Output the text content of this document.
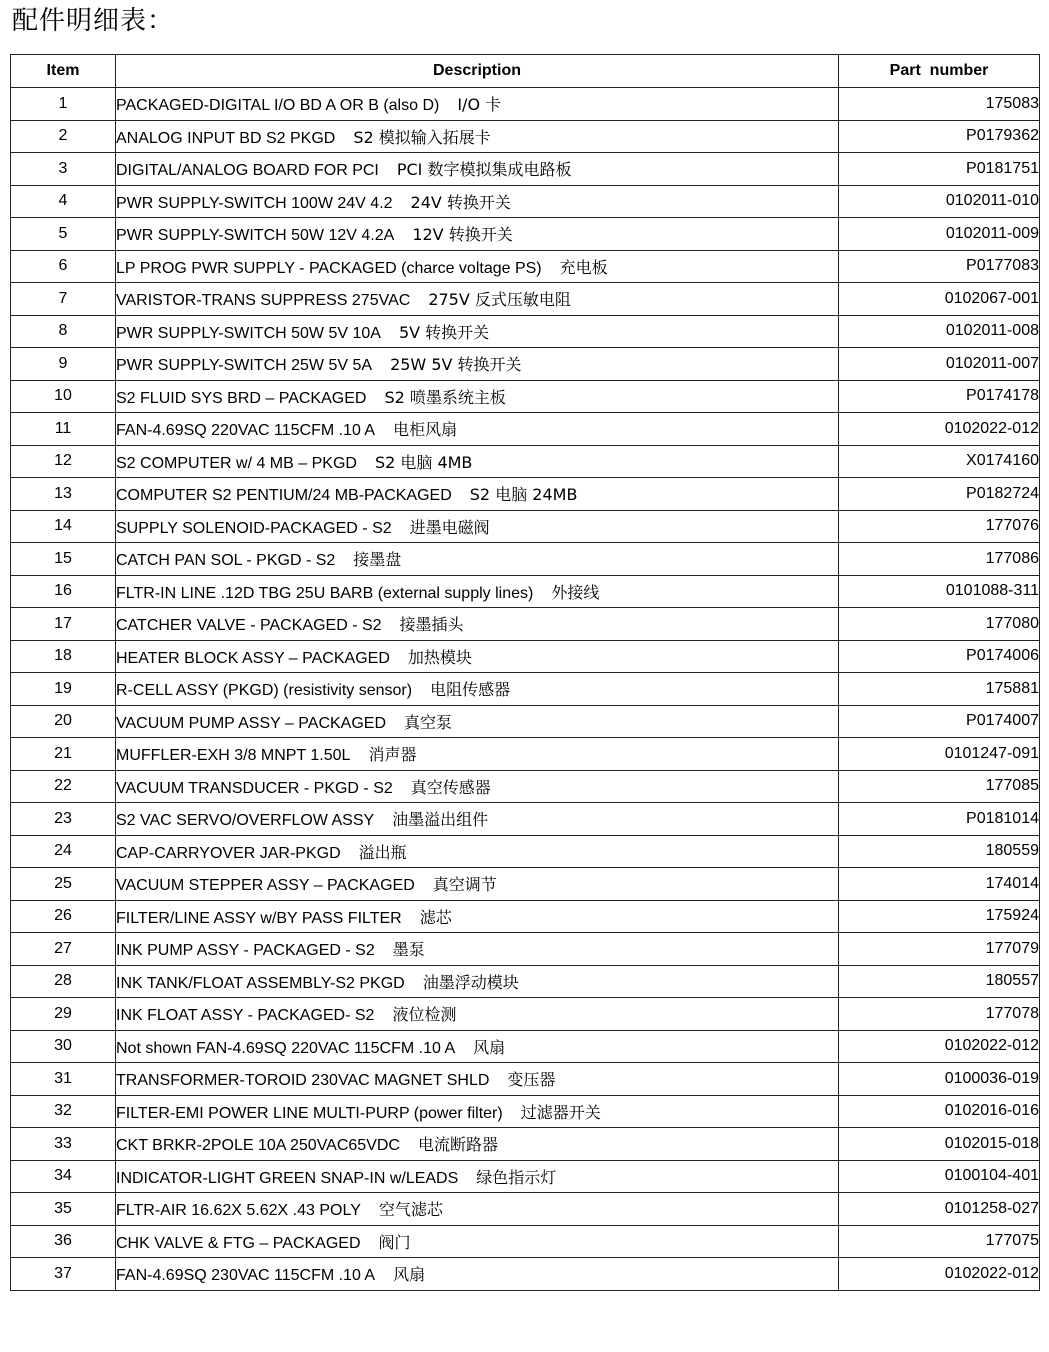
配件明细表：
Item	Description	Part  number
1	PACKAGED-DIGITAL I/O BD A OR B (also D) I/O 卡	175083
2	ANALOG INPUT BD S2 PKGD S2 模拟输入拓展卡	P0179362
3	DIGITAL/ANALOG BOARD FOR PCI PCI 数字模拟集成电路板	P0181751
4	PWR SUPPLY-SWITCH 100W 24V 4.2 24V 转换开关	0102011-010
5	PWR SUPPLY-SWITCH 50W 12V 4.2A 12V 转换开关	0102011-009
6	LP PROG PWR SUPPLY - PACKAGED (charce voltage PS) 充电板	P0177083
7	VARISTOR-TRANS SUPPRESS 275VAC 275V 反式压敏电阻	0102067-001
8	PWR SUPPLY-SWITCH 50W 5V 10A 5V 转换开关	0102011-008
9	PWR SUPPLY-SWITCH 25W 5V 5A 25W 5V 转换开关	0102011-007
10	S2 FLUID SYS BRD – PACKAGED S2 喷墨系统主板	P0174178
11	FAN-4.69SQ 220VAC 115CFM .10 A 电柜风扇	0102022-012
12	S2 COMPUTER w/ 4 MB – PKGD S2 电脑 4MB	X0174160
13	COMPUTER S2 PENTIUM/24 MB-PACKAGED S2 电脑 24MB	P0182724
14	SUPPLY SOLENOID-PACKAGED - S2 进墨电磁阀	177076
15	CATCH PAN SOL - PKGD - S2 接墨盘	177086
16	FLTR-IN LINE .12D TBG 25U BARB (external supply lines) 外接线	0101088-311
17	CATCHER VALVE - PACKAGED - S2 接墨插头	177080
18	HEATER BLOCK ASSY – PACKAGED 加热模块	P0174006
19	R-CELL ASSY (PKGD) (resistivity sensor) 电阻传感器	175881
20	VACUUM PUMP ASSY – PACKAGED 真空泵	P0174007
21	MUFFLER-EXH 3/8 MNPT 1.50L 消声器	0101247-091
22	VACUUM TRANSDUCER - PKGD - S2 真空传感器	177085
23	S2 VAC SERVO/OVERFLOW ASSY 油墨溢出组件	P0181014
24	CAP-CARRYOVER JAR-PKGD 溢出瓶	180559
25	VACUUM STEPPER ASSY – PACKAGED 真空调节	174014
26	FILTER/LINE ASSY w/BY PASS FILTER 滤芯	175924
27	INK PUMP ASSY - PACKAGED - S2 墨泵	177079
28	INK TANK/FLOAT ASSEMBLY-S2 PKGD 油墨浮动模块	180557
29	INK FLOAT ASSY - PACKAGED- S2 液位检测	177078
30	Not shown FAN-4.69SQ 220VAC 115CFM .10 A 风扇	0102022-012
31	TRANSFORMER-TOROID 230VAC MAGNET SHLD 变压器	0100036-019
32	FILTER-EMI POWER LINE MULTI-PURP (power filter) 过滤器开关	0102016-016
33	CKT BRKR-2POLE 10A 250VAC65VDC 电流断路器	0102015-018
34	INDICATOR-LIGHT GREEN SNAP-IN w/LEADS 绿色指示灯	0100104-401
35	FLTR-AIR 16.62X 5.62X .43 POLY 空气滤芯	0101258-027
36	CHK VALVE & FTG – PACKAGED 阀门	177075
37	FAN-4.69SQ 230VAC 115CFM .10 A 风扇	0102022-012
